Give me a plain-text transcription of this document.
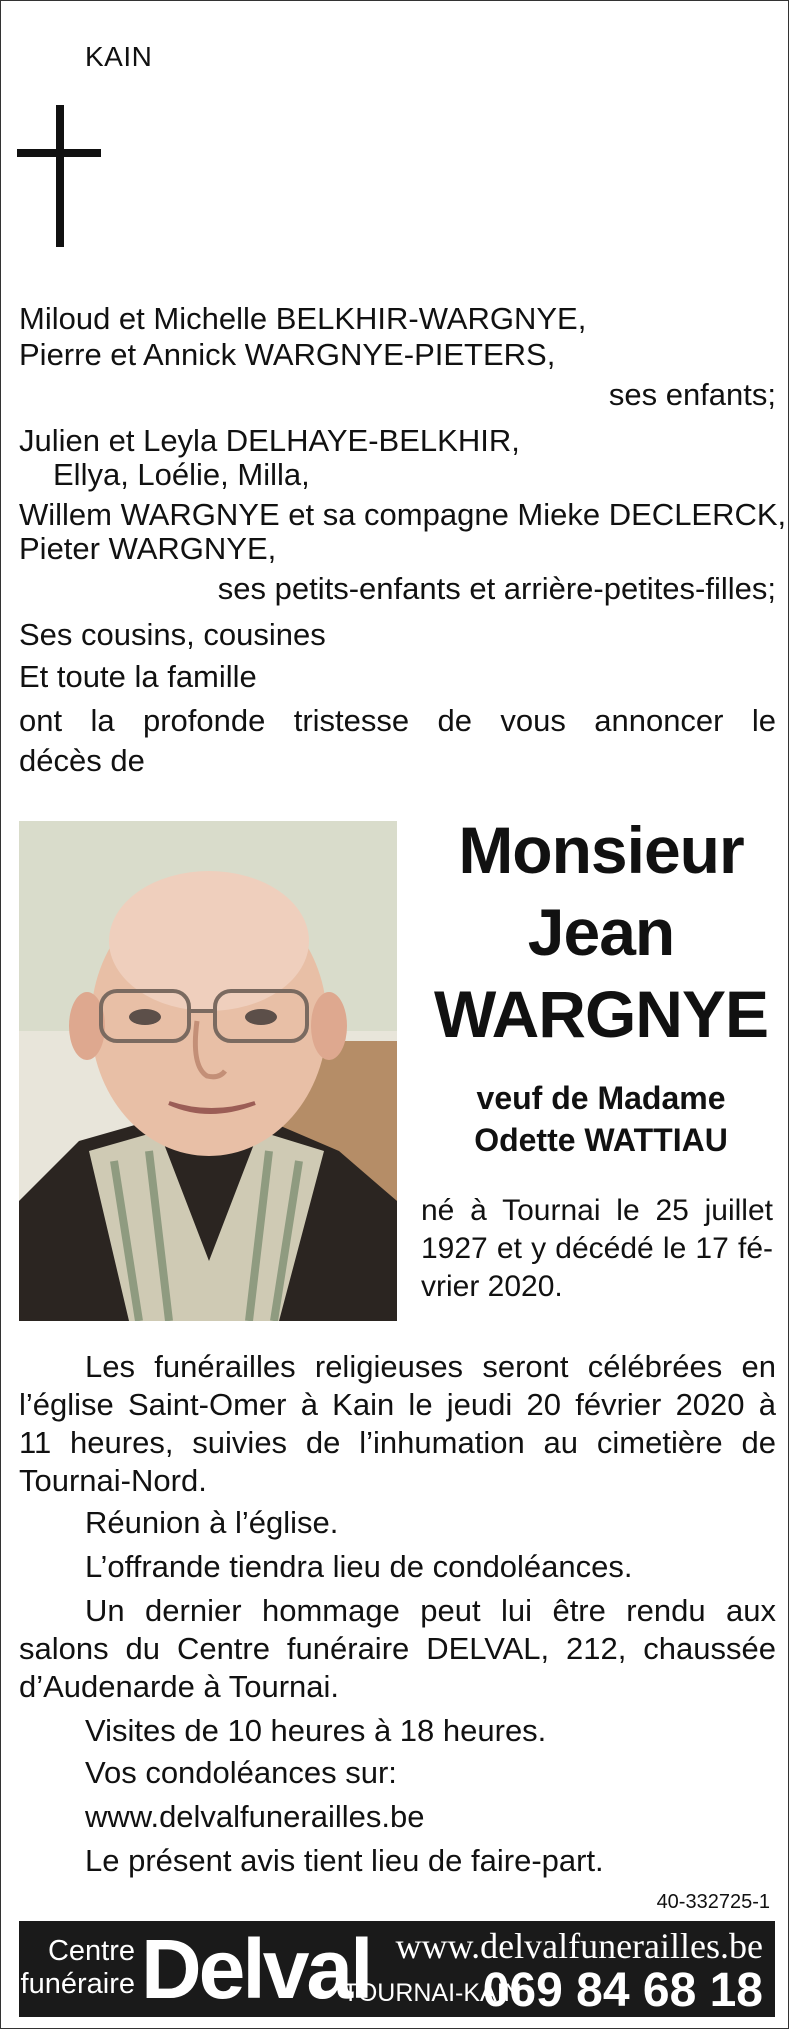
KAIN
Miloud et Michelle BELKHIR-WARGNYE,
Pierre et Annick WARGNYE-PIETERS,
ses enfants;
Julien et Leyla DELHAYE-BELKHIR,
Ellya, Loélie, Milla,
Willem WARGNYE et sa compagne Mieke DECLERCK,
Pieter WARGNYE,
ses petits-enfants et arrière-petites-filles;
Ses cousins, cousines
Et toute la famille
ont la profonde tristesse de vous annoncer le
décès de
Monsieur
Jean
WARGNYE
veuf de Madame
Odette WATTIAU
né à Tournai le 25 juillet
1927 et y décédé le 17 fé-
vrier 2020.
Les funérailles religieuses seront célébrées en
l’église Saint-Omer à Kain le jeudi 20 février 2020 à
11 heures, suivies de l’inhumation au cimetière de
Tournai-Nord.
Réunion à l’église.
L’offrande tiendra lieu de condoléances.
Un dernier hommage peut lui être rendu aux
salons du Centre funéraire DELVAL, 212, chaussée
d’Audenarde à Tournai.
Visites de 10 heures à 18 heures.
Vos condoléances sur:
www.delvalfunerailles.be
Le présent avis tient lieu de faire-part.
40-332725-1
Centre
funéraire Delval www.delvalfunerailles.be
TOURNAI-KAIN
069 84 68 18
